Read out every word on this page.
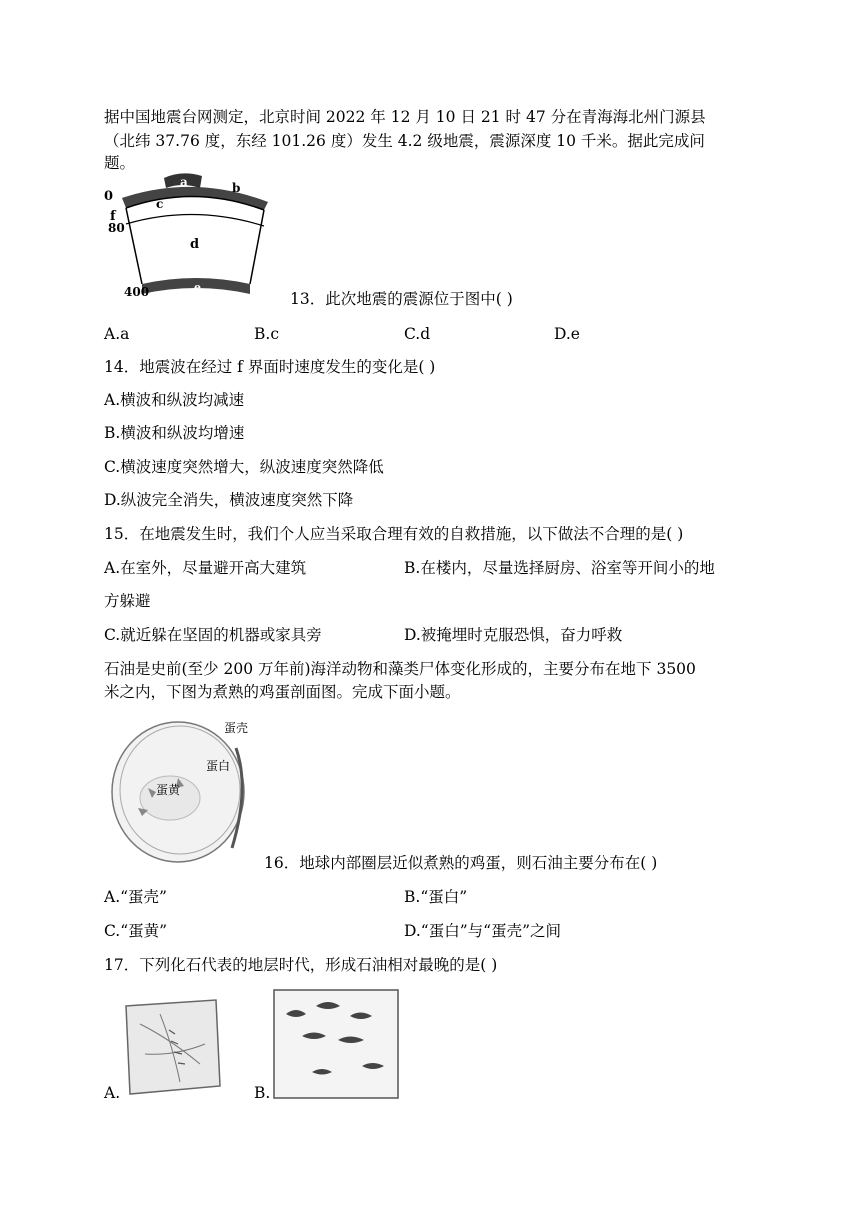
据中国地震台网测定，北京时间 2022 年 12 月 10 日 21 时 47 分在青海海北州门源县
（北纬 37.76 度，东经 101.26 度）发生 4.2 级地震，震源深度 10 千米。据此完成问
题。
0
f
80
400
a	b
c
d
e
13．此次地震的震源位于图中( )
A.a	B.c	C.d	D.e
14．地震波在经过 f 界面时速度发生的变化是( )
A.横波和纵波均减速
B.横波和纵波均增速
C.横波速度突然增大，纵波速度突然降低
D.纵波完全消失，横波速度突然下降
15．在地震发生时，我们个人应当采取合理有效的自救措施，以下做法不合理的是( )
A.在室外，尽量避开高大建筑	B.在楼内，尽量选择厨房、浴室等开间小的地
方躲避
C.就近躲在坚固的机器或家具旁	D.被掩埋时克服恐惧，奋力呼救
石油是史前(至少 200 万年前)海洋动物和藻类尸体变化形成的，主要分布在地下 3500
米之内，下图为煮熟的鸡蛋剖面图。完成下面小题。
蛋壳
蛋白
蛋黄
16．地球内部圈层近似煮熟的鸡蛋，则石油主要分布在( )
A.“蛋壳”	B.“蛋白”
C.“蛋黄”	D.“蛋白”与“蛋壳”之间
17．下列化石代表的地层时代，形成石油相对最晚的是( )
A.	B.
